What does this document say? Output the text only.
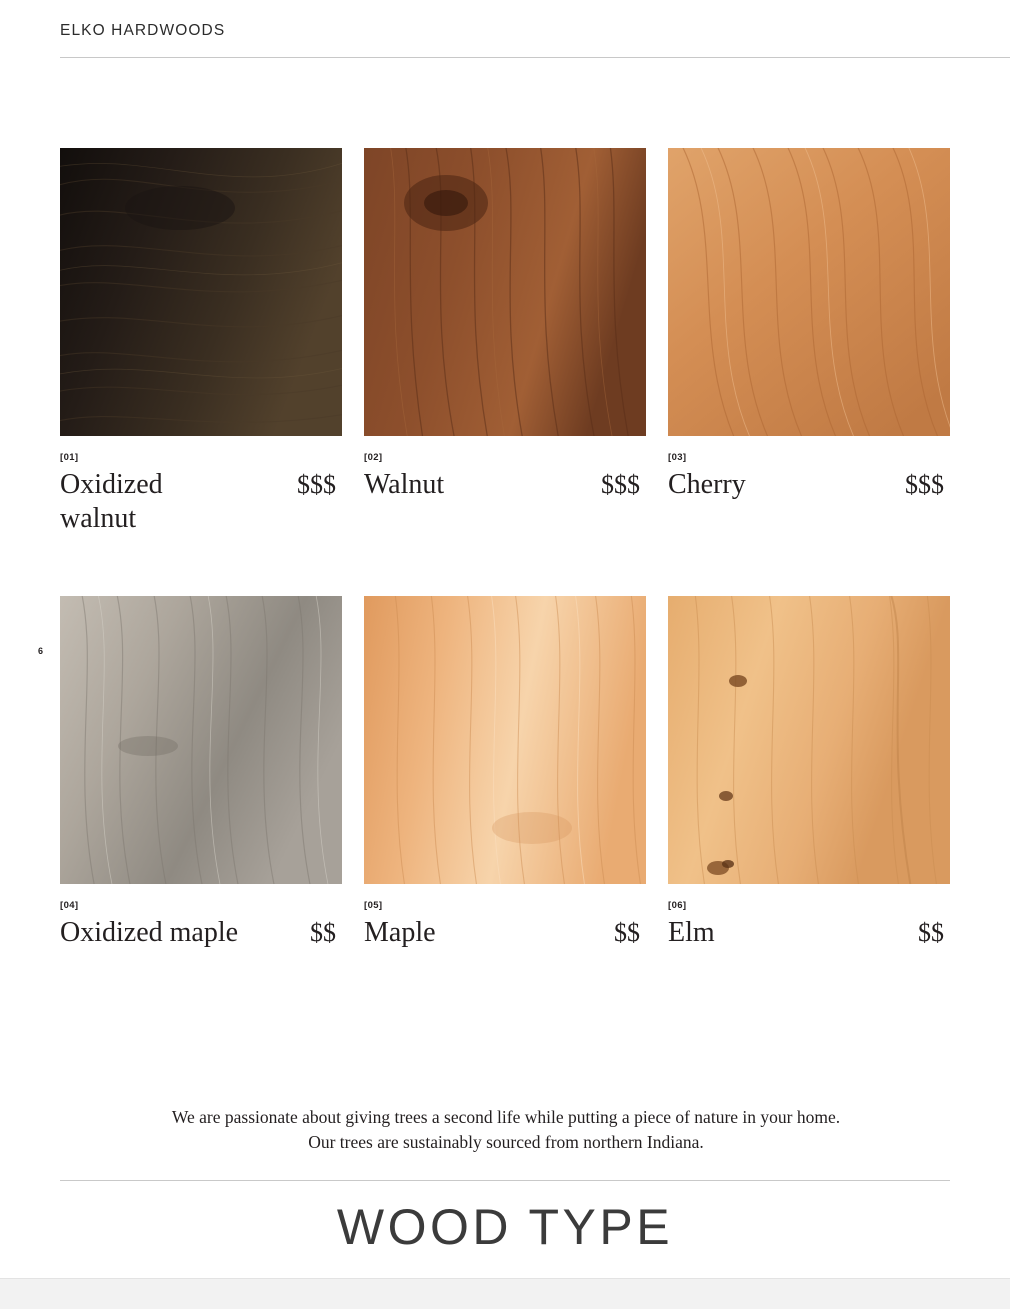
ELKO HARDWOODS
6
[01]
Oxidized walnut
$$$
[02]
Walnut	$$$
[03]
Cherry	$$$
[04]
Oxidized maple	$$
[05]
Maple	$$
[06]
Elm	$$
We are passionate about giving trees a second life while putting a piece of nature in your home.
Our trees are sustainably sourced from northern Indiana.
WOOD TYPE
